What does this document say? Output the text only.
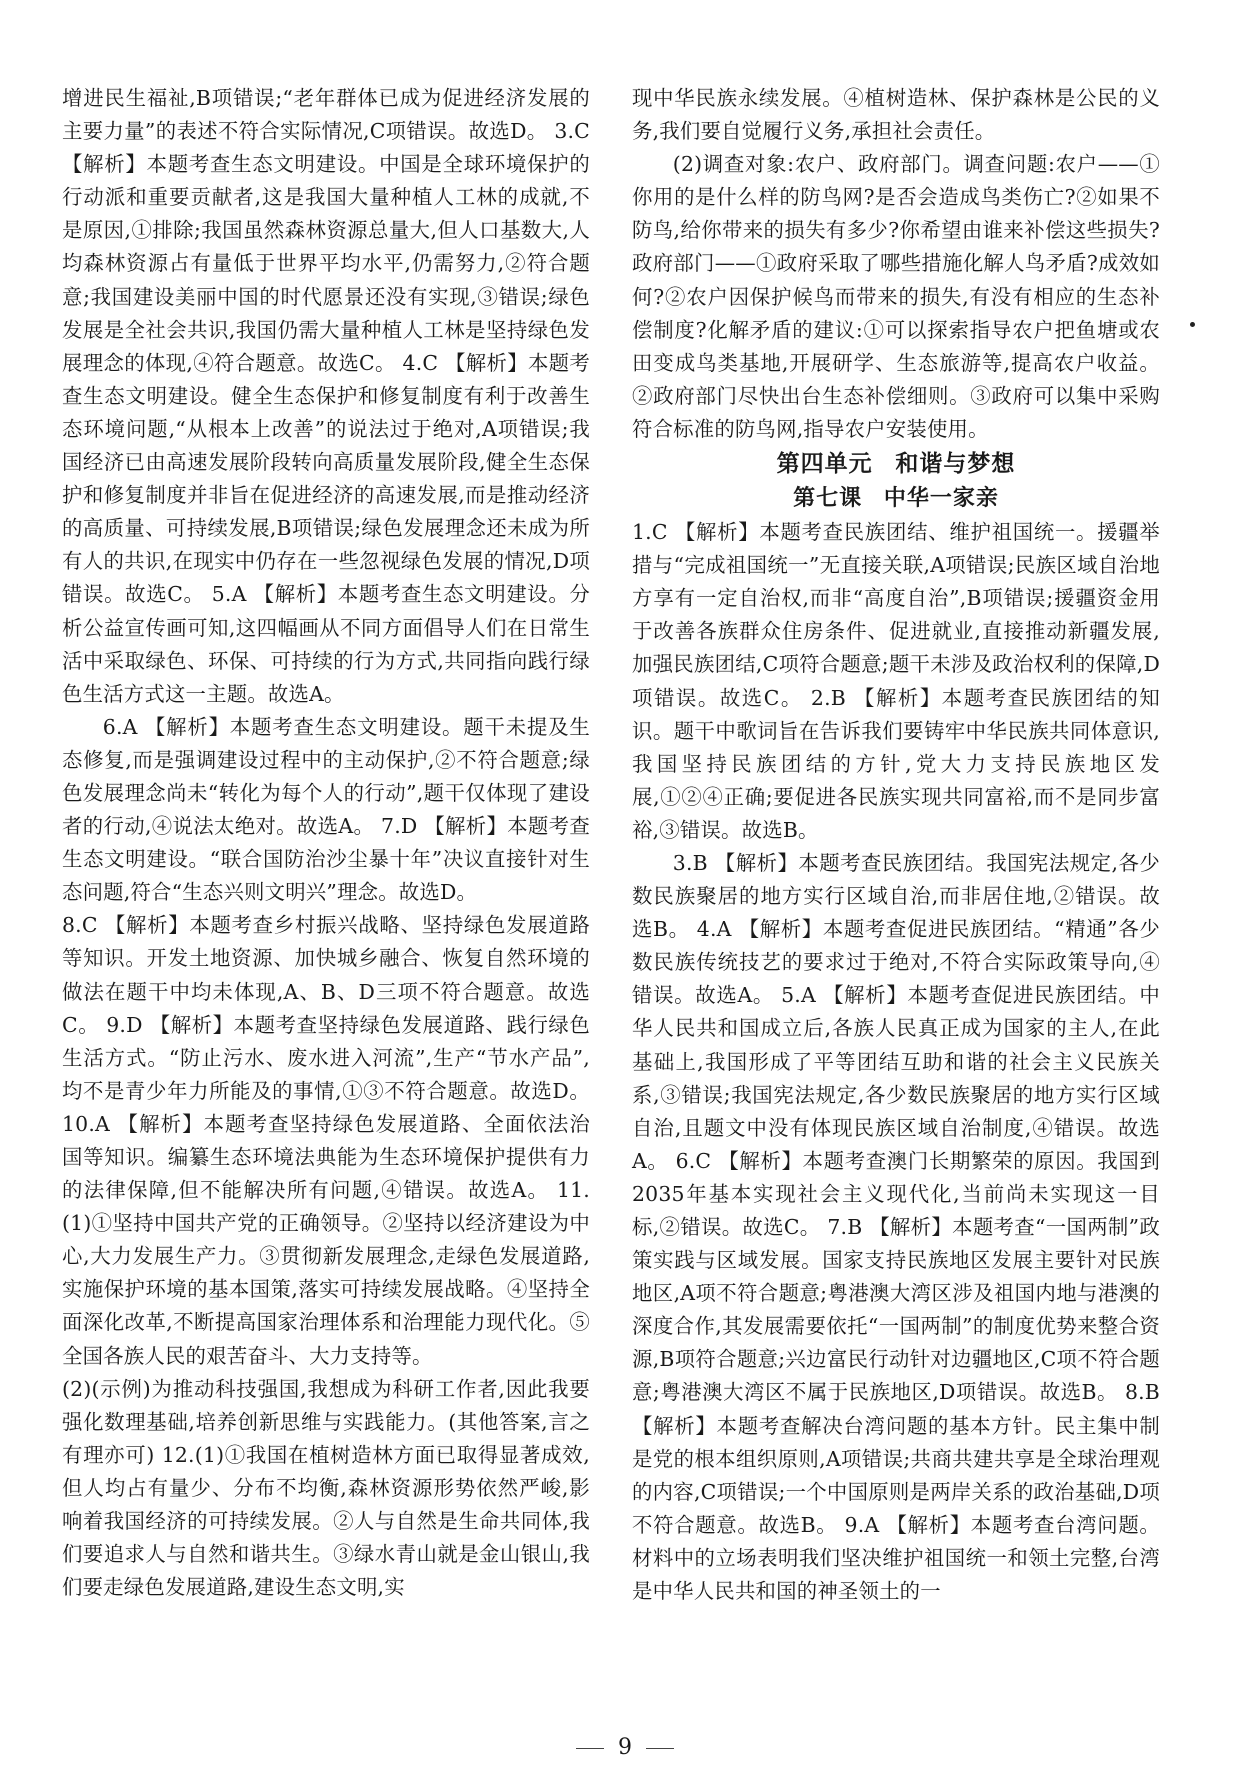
增进民生福祉,B项错误;“老年群体已成为促进经济发展的主要力量”的表述不符合实际情况,C项错误。故选D。 3.C 【解析】本题考查生态文明建设。中国是全球环境保护的行动派和重要贡献者,这是我国大量种植人工林的成就,不是原因,①排除;我国虽然森林资源总量大,但人口基数大,人均森林资源占有量低于世界平均水平,仍需努力,②符合题意;我国建设美丽中国的时代愿景还没有实现,③错误;绿色发展是全社会共识,我国仍需大量种植人工林是坚持绿色发展理念的体现,④符合题意。故选C。 4.C 【解析】本题考查生态文明建设。健全生态保护和修复制度有利于改善生态环境问题,“从根本上改善”的说法过于绝对,A项错误;我国经济已由高速发展阶段转向高质量发展阶段,健全生态保护和修复制度并非旨在促进经济的高速发展,而是推动经济的高质量、可持续发展,B项错误;绿色发展理念还未成为所有人的共识,在现实中仍存在一些忽视绿色发展的情况,D项错误。故选C。 5.A 【解析】本题考查生态文明建设。分析公益宣传画可知,这四幅画从不同方面倡导人们在日常生活中采取绿色、环保、可持续的行为方式,共同指向践行绿色生活方式这一主题。故选A。

6.A 【解析】本题考查生态文明建设。题干未提及生态修复,而是强调建设过程中的主动保护,②不符合题意;绿色发展理念尚未“转化为每个人的行动”,题干仅体现了建设者的行动,④说法太绝对。故选A。 7.D 【解析】本题考查生态文明建设。“联合国防治沙尘暴十年”决议直接针对生态问题,符合“生态兴则文明兴”理念。故选D。

8.C 【解析】本题考查乡村振兴战略、坚持绿色发展道路等知识。开发土地资源、加快城乡融合、恢复自然环境的做法在题干中均未体现,A、B、D三项不符合题意。故选C。 9.D 【解析】本题考查坚持绿色发展道路、践行绿色生活方式。“防止污水、废水进入河流”,生产“节水产品”,均不是青少年力所能及的事情,①③不符合题意。故选D。 10.A 【解析】本题考查坚持绿色发展道路、全面依法治国等知识。编纂生态环境法典能为生态环境保护提供有力的法律保障,但不能解决所有问题,④错误。故选A。 11.(1)①坚持中国共产党的正确领导。②坚持以经济建设为中心,大力发展生产力。③贯彻新发展理念,走绿色发展道路,实施保护环境的基本国策,落实可持续发展战略。④坚持全面深化改革,不断提高国家治理体系和治理能力现代化。⑤全国各族人民的艰苦奋斗、大力支持等。

(2)(示例)为推动科技强国,我想成为科研工作者,因此我要强化数理基础,培养创新思维与实践能力。(其他答案,言之有理亦可) 12.(1)①我国在植树造林方面已取得显著成效,但人均占有量少、分布不均衡,森林资源形势依然严峻,影响着我国经济的可持续发展。②人与自然是生命共同体,我们要追求人与自然和谐共生。③绿水青山就是金山银山,我们要走绿色发展道路,建设生态文明,实

现中华民族永续发展。④植树造林、保护森林是公民的义务,我们要自觉履行义务,承担社会责任。

(2)调查对象:农户、政府部门。调查问题:农户——①你用的是什么样的防鸟网?是否会造成鸟类伤亡?②如果不防鸟,给你带来的损失有多少?你希望由谁来补偿这些损失?政府部门——①政府采取了哪些措施化解人鸟矛盾?成效如何?②农户因保护候鸟而带来的损失,有没有相应的生态补偿制度?化解矛盾的建议:①可以探索指导农户把鱼塘或农田变成鸟类基地,开展研学、生态旅游等,提高农户收益。②政府部门尽快出台生态补偿细则。③政府可以集中采购符合标准的防鸟网,指导农户安装使用。

第四单元 和谐与梦想
第七课 中华一家亲

1.C 【解析】本题考查民族团结、维护祖国统一。援疆举措与“完成祖国统一”无直接关联,A项错误;民族区域自治地方享有一定自治权,而非“高度自治”,B项错误;援疆资金用于改善各族群众住房条件、促进就业,直接推动新疆发展,加强民族团结,C项符合题意;题干未涉及政治权利的保障,D项错误。故选C。 2.B 【解析】本题考查民族团结的知识。题干中歌词旨在告诉我们要铸牢中华民族共同体意识,我国坚持民族团结的方针,党大力支持民族地区发展,①②④正确;要促进各民族实现共同富裕,而不是同步富裕,③错误。故选B。

3.B 【解析】本题考查民族团结。我国宪法规定,各少数民族聚居的地方实行区域自治,而非居住地,②错误。故选B。 4.A 【解析】本题考查促进民族团结。“精通”各少数民族传统技艺的要求过于绝对,不符合实际政策导向,④错误。故选A。 5.A 【解析】本题考查促进民族团结。中华人民共和国成立后,各族人民真正成为国家的主人,在此基础上,我国形成了平等团结互助和谐的社会主义民族关系,③错误;我国宪法规定,各少数民族聚居的地方实行区域自治,且题文中没有体现民族区域自治制度,④错误。故选A。 6.C 【解析】本题考查澳门长期繁荣的原因。我国到2035年基本实现社会主义现代化,当前尚未实现这一目标,②错误。故选C。 7.B 【解析】本题考查“一国两制”政策实践与区域发展。国家支持民族地区发展主要针对民族地区,A项不符合题意;粤港澳大湾区涉及祖国内地与港澳的深度合作,其发展需要依托“一国两制”的制度优势来整合资源,B项符合题意;兴边富民行动针对边疆地区,C项不符合题意;粤港澳大湾区不属于民族地区,D项错误。故选B。 8.B 【解析】本题考查解决台湾问题的基本方针。民主集中制是党的根本组织原则,A项错误;共商共建共享是全球治理观的内容,C项错误;一个中国原则是两岸关系的政治基础,D项不符合题意。故选B。 9.A 【解析】本题考查台湾问题。材料中的立场表明我们坚决维护祖国统一和领土完整,台湾是中华人民共和国的神圣领土的一

9
